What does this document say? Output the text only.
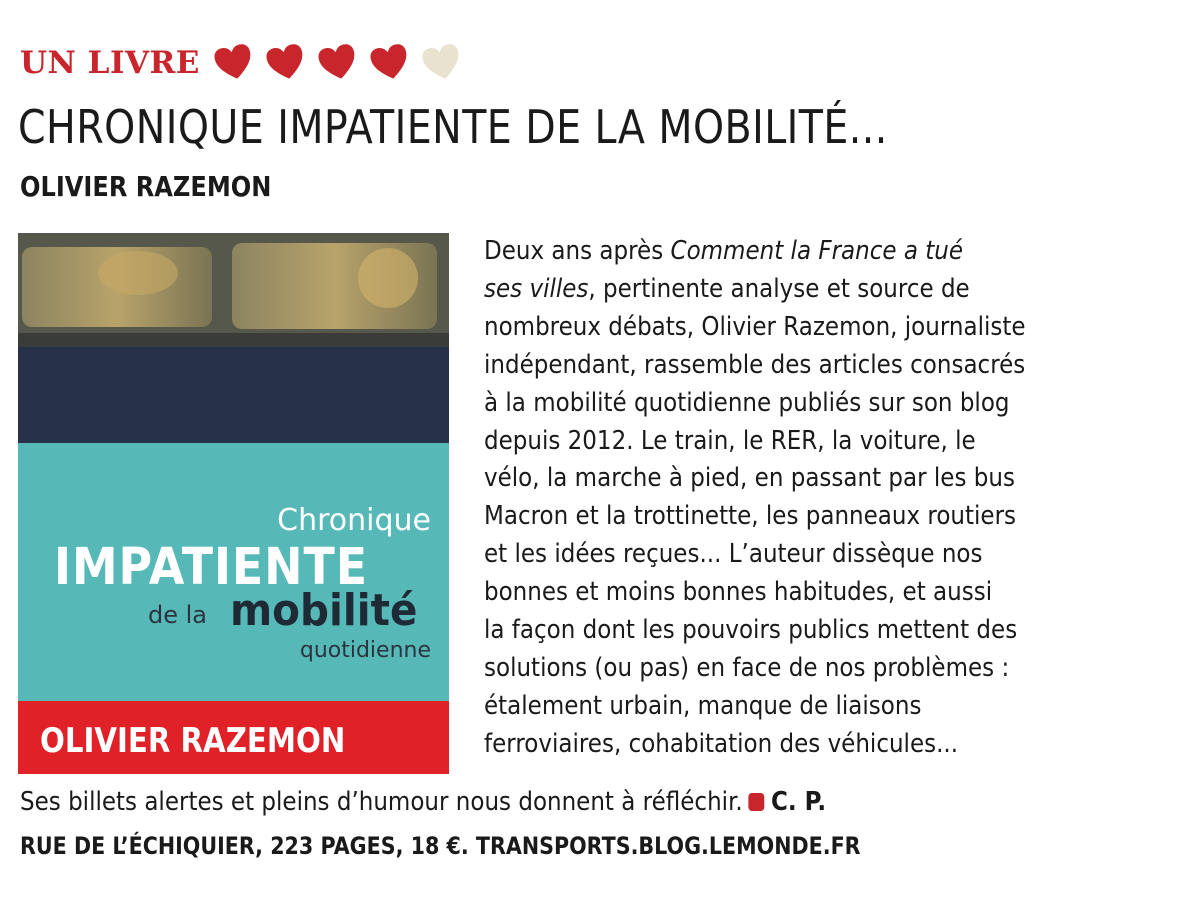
UN LIVRE
CHRONIQUE IMPATIENTE DE LA MOBILITÉ...
OLIVIER RAZEMON
Chronique
IMPATIENTE
de la mobilité
quotidienne
OLIVIER RAZEMON

Deux ans après Comment la France a tué
ses villes, pertinente analyse et source de
nombreux débats, Olivier Razemon, journaliste
indépendant, rassemble des articles consacrés
à la mobilité quotidienne publiés sur son blog
depuis 2012. Le train, le RER, la voiture, le
vélo, la marche à pied, en passant par les bus
Macron et la trottinette, les panneaux routiers
et les idées reçues... L’auteur dissèque nos
bonnes et moins bonnes habitudes, et aussi
la façon dont les pouvoirs publics mettent des
solutions (ou pas) en face de nos problèmes :
étalement urbain, manque de liaisons
ferroviaires, cohabitation des véhicules...

Ses billets alertes et pleins d’humour nous donnent à réfléchir. C. P.

RUE DE L’ÉCHIQUIER, 223 PAGES, 18 €. TRANSPORTS.BLOG.LEMONDE.FR
